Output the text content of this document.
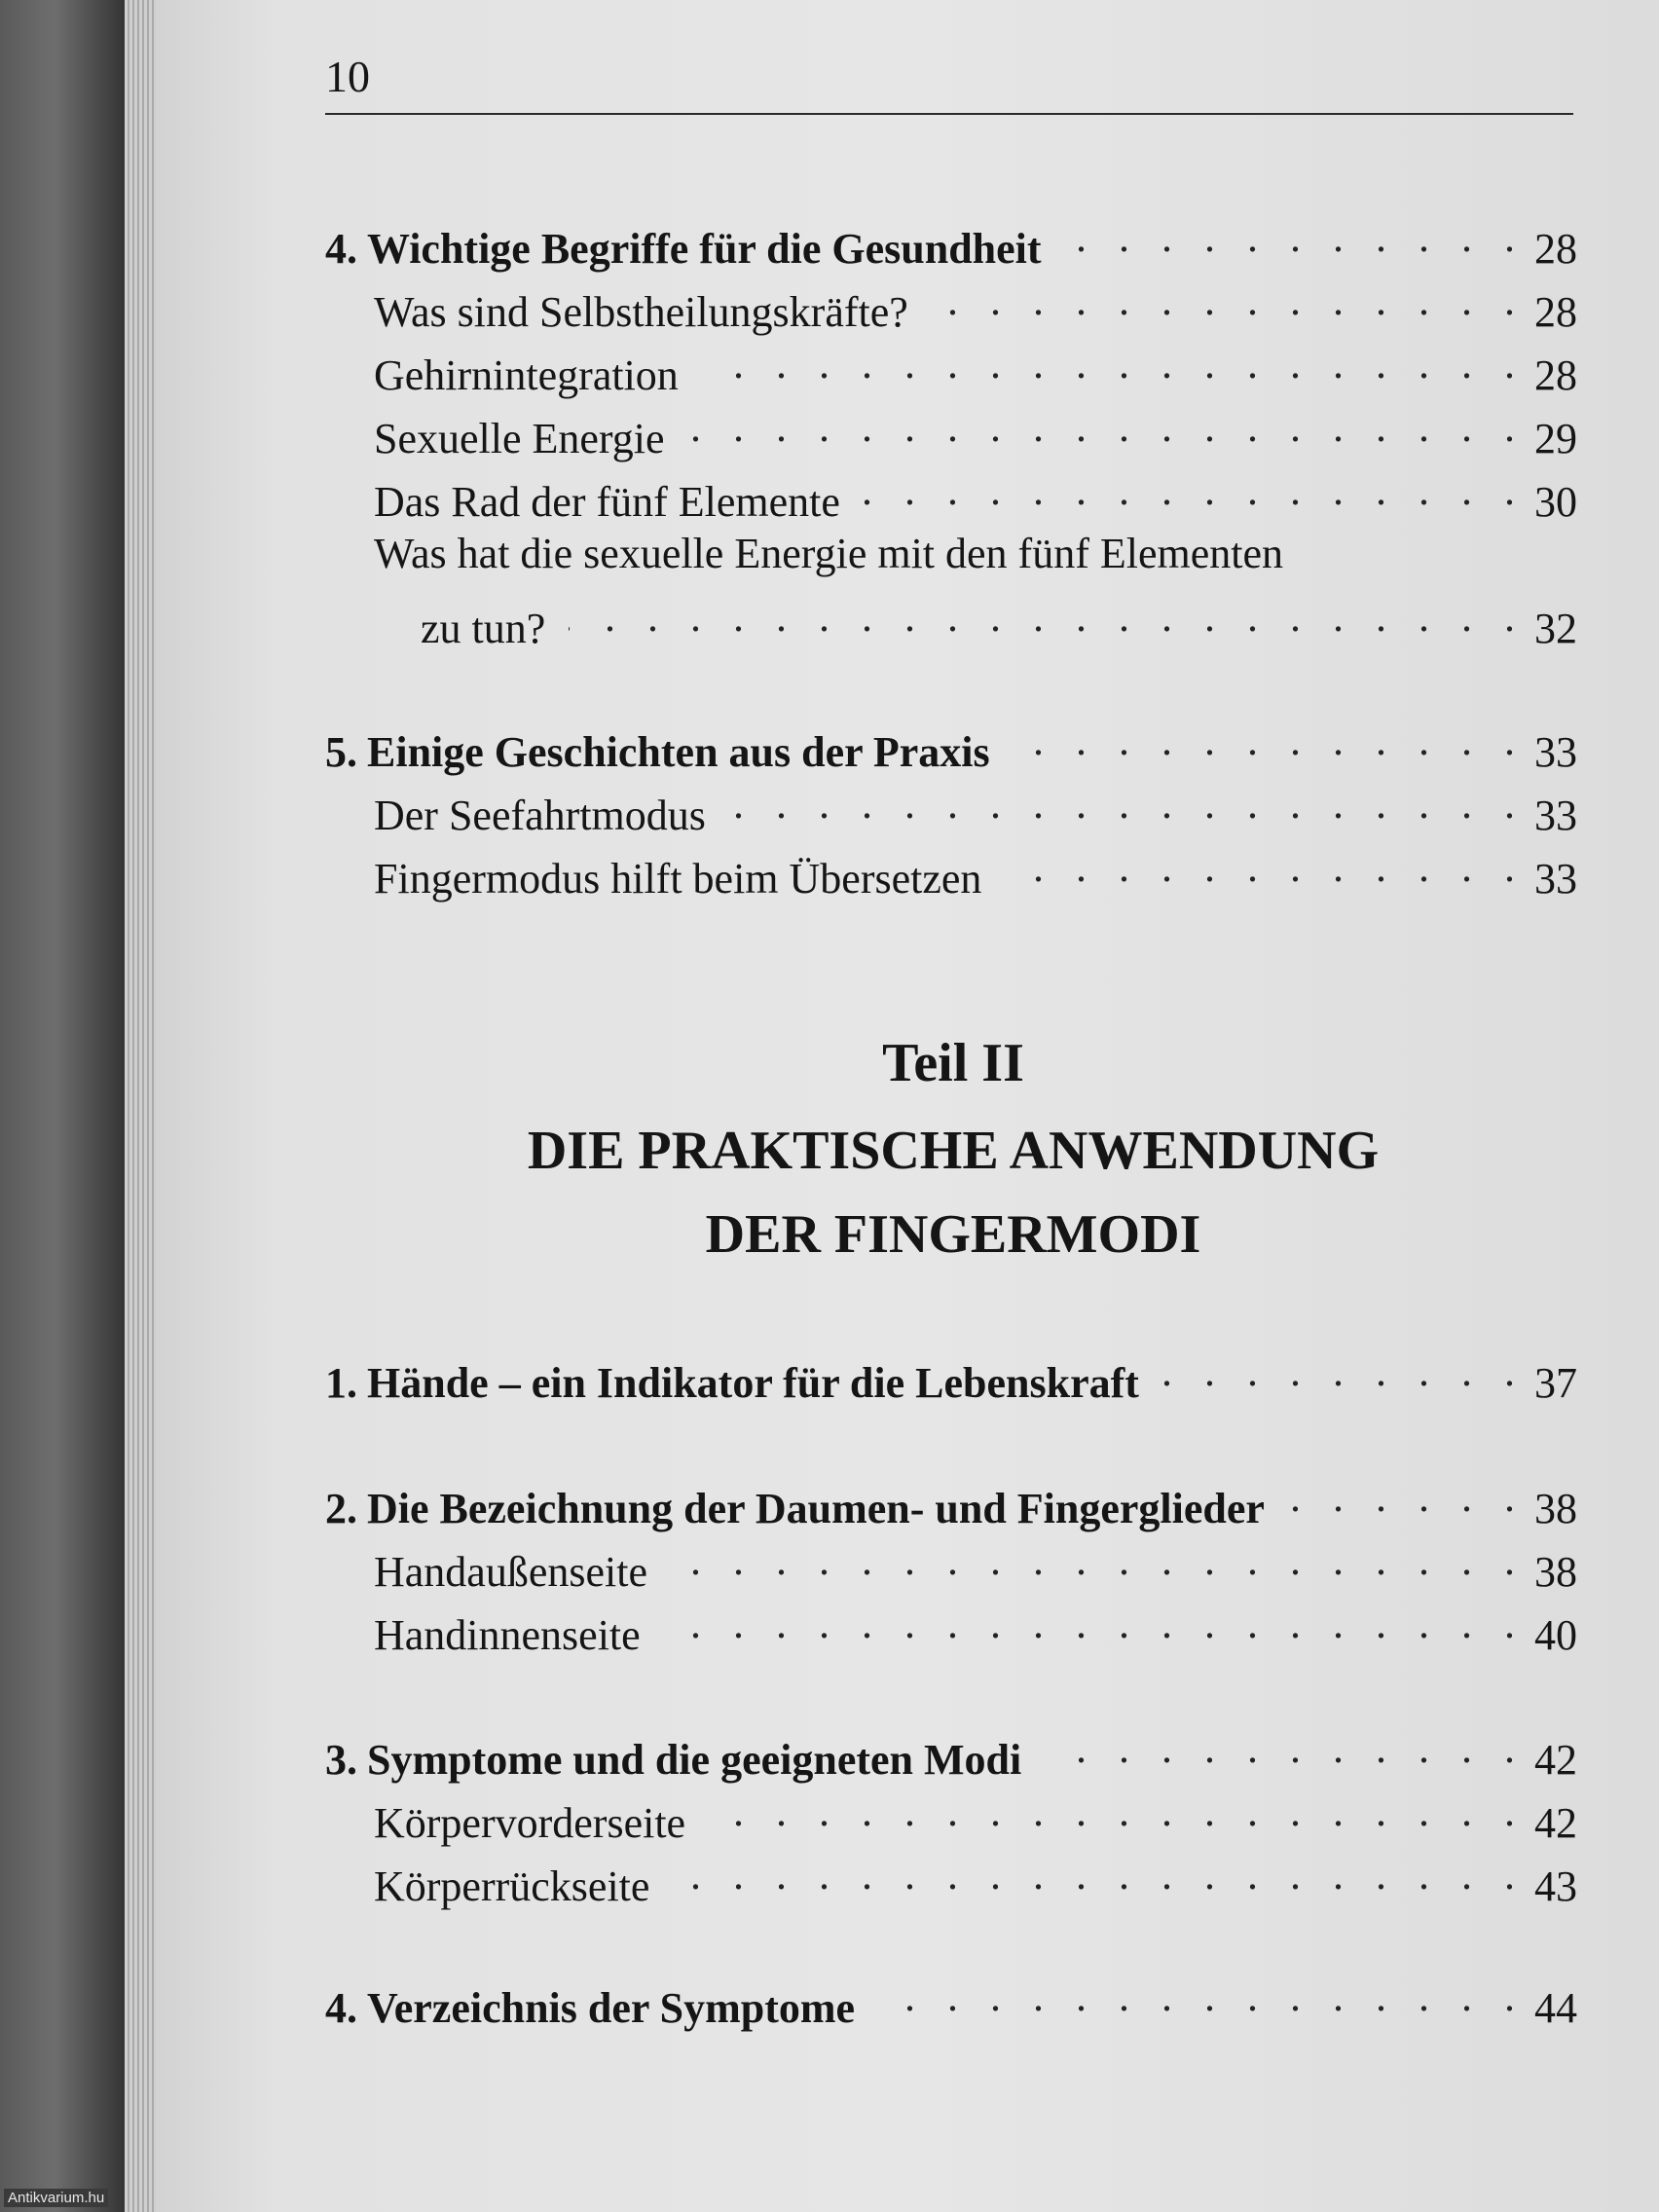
10
4. Wichtige Begriffe für die Gesundheit . .	28
Was sind Selbstheilungskräfte? . .	28
Gehirnintegration . .	28
Sexuelle Energie . .	29
Das Rad der fünf Elemente . .	30
Was hat die sexuelle Energie mit den fünf Elementen
zu tun? . .	32
5. Einige Geschichten aus der Praxis . .	33
Der Seefahrtmodus . .	33
Fingermodus hilft beim Übersetzen . .	33
Teil II
DIE PRAKTISCHE ANWENDUNG
DER FINGERMODI
1. Hände – ein Indikator für die Lebenskraft . .	37
2. Die Bezeichnung der Daumen- und Fingerglieder . .	38
Handaußenseite . .	38
Handinnenseite . .	40
3. Symptome und die geeigneten Modi . .	42
Körpervorderseite . .	42
Körperrückseite . .	43
4. Verzeichnis der Symptome . .	44
Antikvarium.hu
